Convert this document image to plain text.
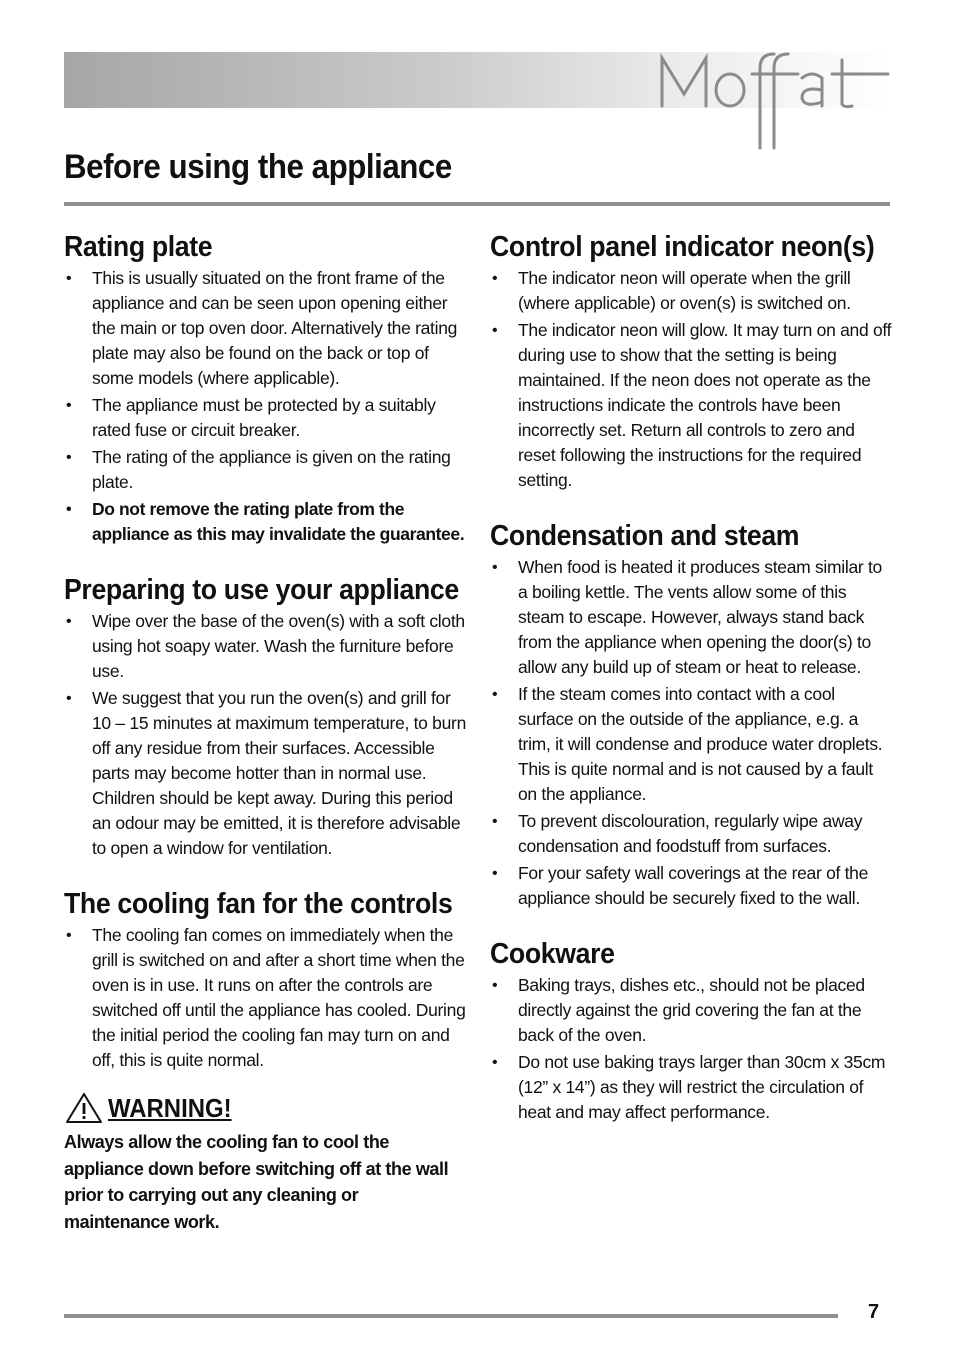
Before using the appliance
Rating plate
• This is usually situated on the front frame of the appliance and can be seen upon opening either the main or top oven door. Alternatively the rating plate may also be found on the back or top of some models (where applicable).
• The appliance must be protected by a suitably rated fuse or circuit breaker.
• The rating of the appliance is given on the rating plate.
• Do not remove the rating plate from the appliance as this may invalidate the guarantee.
Preparing to use your appliance
• Wipe over the base of the oven(s) with a soft cloth using hot soapy water. Wash the furniture before use.
• We suggest that you run the oven(s) and grill for 10 – 15 minutes at maximum temperature, to burn off any residue from their surfaces. Accessible parts may become hotter than in normal use. Children should be kept away. During this period an odour may be emitted, it is therefore advisable to open a window for ventilation.
The cooling fan for the controls
• The cooling fan comes on immediately when the grill is switched on and after a short time when the oven is in use. It runs on after the controls are switched off until the appliance has cooled. During the initial period the cooling fan may turn on and off, this is quite normal.
WARNING!

Always allow the cooling fan to cool the appliance down before switching off at the wall prior to carrying out any cleaning or maintenance work.

Control panel indicator neon(s)
• The indicator neon will operate when the grill (where applicable) or oven(s) is switched on.
• The indicator neon will glow. It may turn on and off during use to show that the setting is being maintained. If the neon does not operate as the instructions indicate the controls have been incorrectly set. Return all controls to zero and reset following the instructions for the required setting.
Condensation and steam
• When food is heated it produces steam similar to a boiling kettle. The vents allow some of this steam to escape. However, always stand back from the appliance when opening the door(s) to allow any build up of steam or heat to release.
• If the steam comes into contact with a cool surface on the outside of the appliance, e.g. a trim, it will condense and produce water droplets. This is quite normal and is not caused by a fault on the appliance.
• To prevent discolouration, regularly wipe away condensation and foodstuff from surfaces.
• For your safety wall coverings at the rear of the appliance should be securely fixed to the wall.
Cookware
• Baking trays, dishes etc., should not be placed directly against the grid covering the fan at the back of the oven.
• Do not use baking trays larger than 30cm x 35cm (12” x 14”) as they will restrict the circulation of heat and may affect performance.
7
